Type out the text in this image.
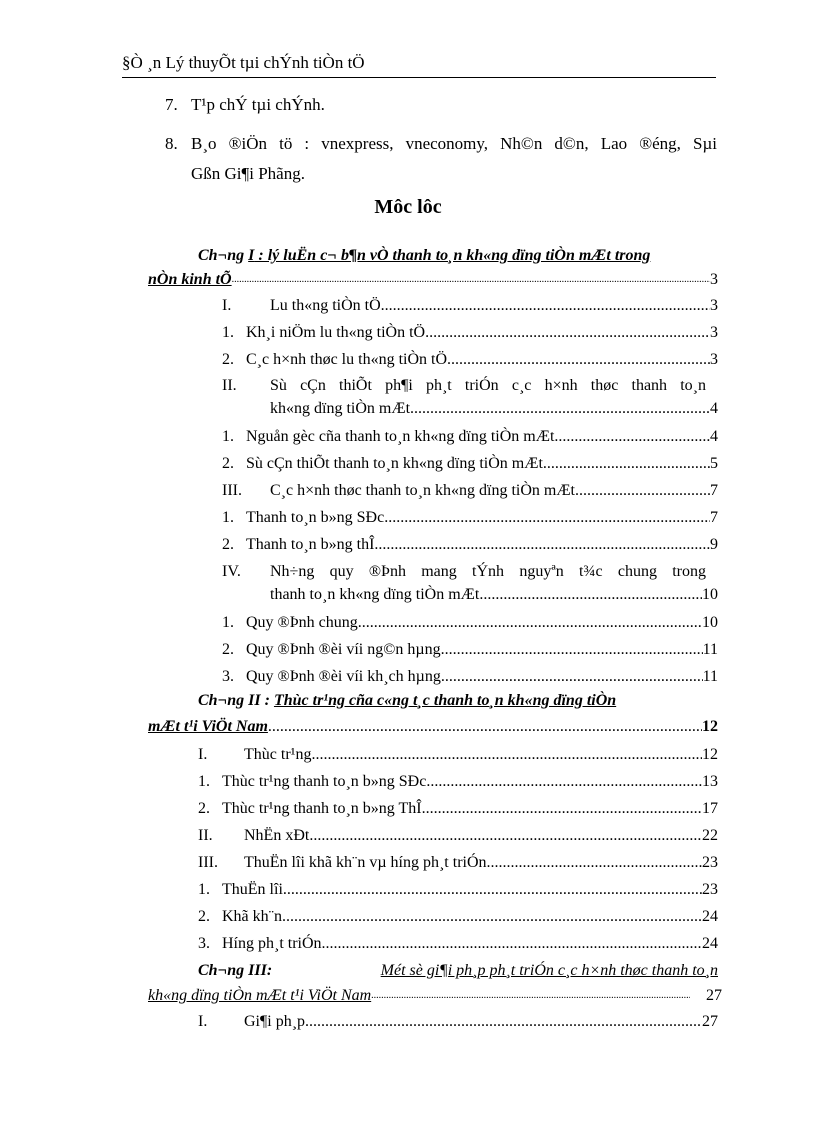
§Ò ¸n Lý thuyÕt tµi chÝnh tiÒn tÖ
7. T¹p chÝ tµi chÝnh.
8. B¸o ®iÖn tö : vnexpress, vneconomy, Nh©n d©n, Lao ®éng, Sµi
Gßn Gi¶i Phãng.
Môc lôc
Ch¬ng I : lý luËn c¬ b¶n vÒ thanh to¸n kh«ng dïng tiÒn mÆt trong
nÒn kinh tÕ .....	3
I. Lu th«ng tiÒn tÖ. .....	3
1. Kh¸i niÖm lu th«ng tiÒn tÖ. .....	3
2. C¸c h×nh thøc lu th«ng tiÒn tÖ .....	3
II. Sù cÇn thiÕt ph¶i ph¸t triÓn c¸c h×nh thøc thanh to¸n
kh«ng dïng tiÒn mÆt. .....	4
1. Nguån gèc cña thanh to¸n kh«ng dïng tiÒn mÆt. .....	4
2. Sù cÇn thiÕt thanh to¸n kh«ng dïng tiÒn mÆt. .....	5
III. C¸c h×nh thøc thanh to¸n kh«ng dïng tiÒn mÆt. .....	7
1. Thanh to¸n b»ng SÐc .....	7
2. Thanh to¸n b»ng thÎ .....	9
IV. Nh÷ng quy ®Þnh mang tÝnh nguyªn t¾c chung trong
thanh to¸n kh«ng dïng tiÒn mÆt .....	10
1. Quy ®Þnh chung. .....	10
2. Quy ®Þnh ®èi víi ng©n hµng. .....	11
3. Quy ®Þnh ®èi víi kh¸ch hµng. .....	11
Ch¬ng II : Thùc tr¹ng cña c«ng t¸c thanh to¸n kh«ng dïng tiÒn
mÆt t¹i ViÖt Nam .....	12
I. Thùc tr¹ng. .....	12
1. Thùc tr¹ng thanh to¸n b»ng SÐc. .....	13
2. Thùc tr¹ng thanh to¸n b»ng ThÎ .....	17
II. NhËn xÐt. .....	22
III. ThuËn lîi khã kh¨n vµ híng ph¸t triÓn. .....	23
1. ThuËn lîi .....	23
2. Khã kh¨n .....	24
3. Híng ph¸t triÓn. .....	24
Ch¬ng III:	Mét sè gi¶i ph¸p ph¸t triÓn c¸c h×nh thøc thanh to¸n
kh«ng dïng tiÒn mÆt t¹i ViÖt Nam .....	27
I. Gi¶i ph¸p .....	27
